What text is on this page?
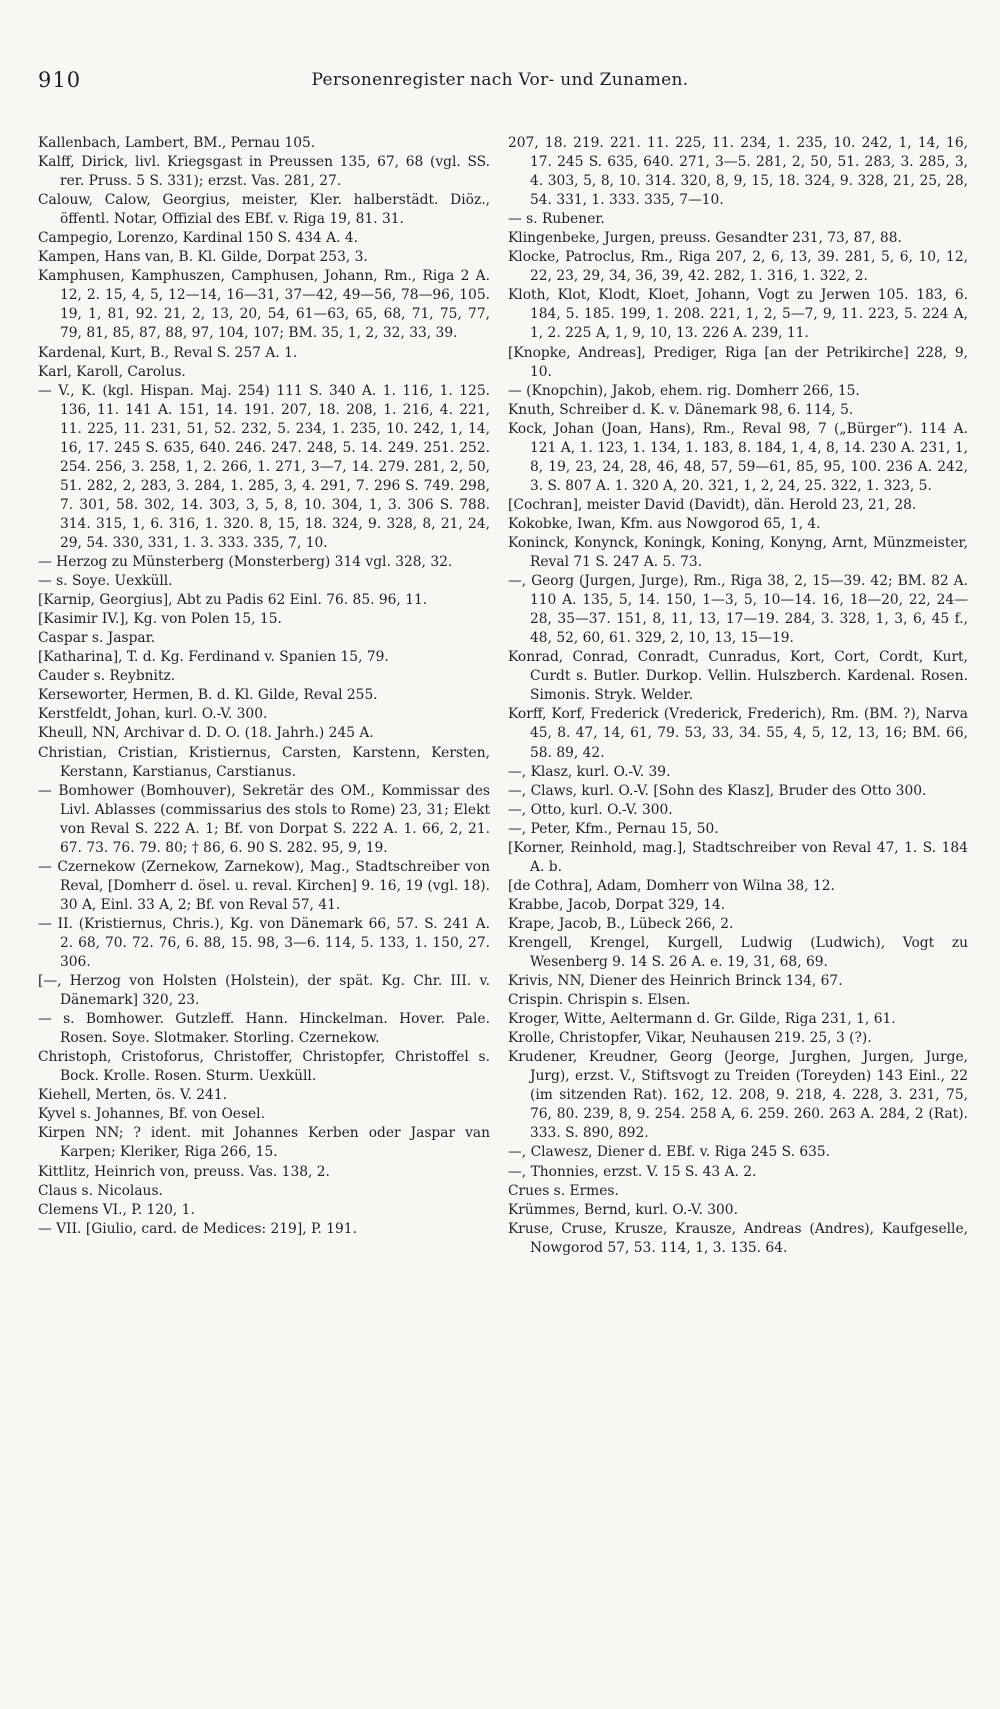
910	Personenregister nach Vor- und Zunamen.
Kallenbach, Lambert, BM., Pernau 105.
Kalff, Dirick, livl. Kriegsgast in Preussen 135, 67, 68 (vgl. SS. rer. Pruss. 5 S. 331); erzst. Vas. 281, 27.
Calouw, Calow, Georgius, meister, Kler. halberstädt. Diöz., öffentl. Notar, Offizial des EBf. v. Riga 19, 81. 31.
Campegio, Lorenzo, Kardinal 150 S. 434 A. 4.
Kampen, Hans van, B. Kl. Gilde, Dorpat 253, 3.
Kamphusen, Kamphuszen, Camphusen, Johann, Rm., Riga 2 A. 12, 2. 15, 4, 5, 12—14, 16—31, 37—42, 49—56, 78—96, 105. 19, 1, 81, 92. 21, 2, 13, 20, 54, 61—63, 65, 68, 71, 75, 77, 79, 81, 85, 87, 88, 97, 104, 107; BM. 35, 1, 2, 32, 33, 39.
Kardenal, Kurt, B., Reval S. 257 A. 1.
Karl, Karoll, Carolus.
— V., K. (kgl. Hispan. Maj. 254) 111 S. 340 A. 1. 116, 1. 125. 136, 11. 141 A. 151, 14. 191. 207, 18. 208, 1. 216, 4. 221, 11. 225, 11. 231, 51, 52. 232, 5. 234, 1. 235, 10. 242, 1, 14, 16, 17. 245 S. 635, 640. 246. 247. 248, 5. 14. 249. 251. 252. 254. 256, 3. 258, 1, 2. 266, 1. 271, 3—7, 14. 279. 281, 2, 50, 51. 282, 2, 283, 3. 284, 1. 285, 3, 4. 291, 7. 296 S. 749. 298, 7. 301, 58. 302, 14. 303, 3, 5, 8, 10. 304, 1, 3. 306 S. 788. 314. 315, 1, 6. 316, 1. 320. 8, 15, 18. 324, 9. 328, 8, 21, 24, 29, 54. 330, 331, 1. 3. 333. 335, 7, 10.
— Herzog zu Münsterberg (Monsterberg) 314 vgl. 328, 32.
— s. Soye. Uexküll.
[Karnip, Georgius], Abt zu Padis 62 Einl. 76. 85. 96, 11.
[Kasimir IV.], Kg. von Polen 15, 15.
Caspar s. Jaspar.
[Katharina], T. d. Kg. Ferdinand v. Spanien 15, 79.
Cauder s. Reybnitz.
Kerseworter, Hermen, B. d. Kl. Gilde, Reval 255.
Kerstfeldt, Johan, kurl. O.-V. 300.
Kheull, NN, Archivar d. D. O. (18. Jahrh.) 245 A.
Christian, Cristian, Kristiernus, Carsten, Karstenn, Kersten, Kerstann, Karstianus, Carstianus.
— Bomhower (Bomhouver), Sekretär des OM., Kommissar des Livl. Ablasses (commissarius des stols to Rome) 23, 31; Elekt von Reval S. 222 A. 1; Bf. von Dorpat S. 222 A. 1. 66, 2, 21. 67. 73. 76. 79. 80; † 86, 6. 90 S. 282. 95, 9, 19.
— Czernekow (Zernekow, Zarnekow), Mag., Stadtschreiber von Reval, [Domherr d. ösel. u. reval. Kirchen] 9. 16, 19 (vgl. 18). 30 A, Einl. 33 A, 2; Bf. von Reval 57, 41.
— II. (Kristiernus, Chris.), Kg. von Dänemark 66, 57. S. 241 A. 2. 68, 70. 72. 76, 6. 88, 15. 98, 3—6. 114, 5. 133, 1. 150, 27. 306.
[—, Herzog von Holsten (Holstein), der spät. Kg. Chr. III. v. Dänemark] 320, 23.
— s. Bomhower. Gutzleff. Hann. Hinckelman. Hover. Pale. Rosen. Soye. Slotmaker. Storling. Czernekow.
Christoph, Cristoforus, Christoffer, Christopfer, Christoffel s. Bock. Krolle. Rosen. Sturm. Uexküll.
Kiehell, Merten, ös. V. 241.
Kyvel s. Johannes, Bf. von Oesel.
Kirpen NN; ? ident. mit Johannes Kerben oder Jaspar van Karpen; Kleriker, Riga 266, 15.
Kittlitz, Heinrich von, preuss. Vas. 138, 2.
Claus s. Nicolaus.
Clemens VI., P. 120, 1.
— VII. [Giulio, card. de Medices: 219], P. 191.
207, 18. 219. 221. 11. 225, 11. 234, 1. 235, 10. 242, 1, 14, 16, 17. 245 S. 635, 640. 271, 3—5. 281, 2, 50, 51. 283, 3. 285, 3, 4. 303, 5, 8, 10. 314. 320, 8, 9, 15, 18. 324, 9. 328, 21, 25, 28, 54. 331, 1. 333. 335, 7—10.
— s. Rubener.
Klingenbeke, Jurgen, preuss. Gesandter 231, 73, 87, 88.
Klocke, Patroclus, Rm., Riga 207, 2, 6, 13, 39. 281, 5, 6, 10, 12, 22, 23, 29, 34, 36, 39, 42. 282, 1. 316, 1. 322, 2.
Kloth, Klot, Klodt, Kloet, Johann, Vogt zu Jerwen 105. 183, 6. 184, 5. 185. 199, 1. 208. 221, 1, 2, 5—7, 9, 11. 223, 5. 224 A, 1, 2. 225 A, 1, 9, 10, 13. 226 A. 239, 11.
[Knopke, Andreas], Prediger, Riga [an der Petrikirche] 228, 9, 10.
— (Knopchin), Jakob, ehem. rig. Domherr 266, 15.
Knuth, Schreiber d. K. v. Dänemark 98, 6. 114, 5.
Kock, Johan (Joan, Hans), Rm., Reval 98, 7 („Bürger“). 114 A. 121 A, 1. 123, 1. 134, 1. 183, 8. 184, 1, 4, 8, 14. 230 A. 231, 1, 8, 19, 23, 24, 28, 46, 48, 57, 59—61, 85, 95, 100. 236 A. 242, 3. S. 807 A. 1. 320 A, 20. 321, 1, 2, 24, 25. 322, 1. 323, 5.
[Cochran], meister David (Davidt), dän. Herold 23, 21, 28.
Kokobke, Iwan, Kfm. aus Nowgorod 65, 1, 4.
Koninck, Konynck, Koningk, Koning, Konyng, Arnt, Münzmeister, Reval 71 S. 247 A. 5. 73.
—, Georg (Jurgen, Jurge), Rm., Riga 38, 2, 15—39. 42; BM. 82 A. 110 A. 135, 5, 14. 150, 1—3, 5, 10—14. 16, 18—20, 22, 24—28, 35—37. 151, 8, 11, 13, 17—19. 284, 3. 328, 1, 3, 6, 45 f., 48, 52, 60, 61. 329, 2, 10, 13, 15—19.
Konrad, Conrad, Conradt, Cunradus, Kort, Cort, Cordt, Kurt, Curdt s. Butler. Durkop. Vellin. Hulszberch. Kardenal. Rosen. Simonis. Stryk. Welder.
Korff, Korf, Frederick (Vrederick, Frederich), Rm. (BM. ?), Narva 45, 8. 47, 14, 61, 79. 53, 33, 34. 55, 4, 5, 12, 13, 16; BM. 66, 58. 89, 42.
—, Klasz, kurl. O.-V. 39.
—, Claws, kurl. O.-V. [Sohn des Klasz], Bruder des Otto 300.
—, Otto, kurl. O.-V. 300.
—, Peter, Kfm., Pernau 15, 50.
[Korner, Reinhold, mag.], Stadtschreiber von Reval 47, 1. S. 184 A. b.
[de Cothra], Adam, Domherr von Wilna 38, 12.
Krabbe, Jacob, Dorpat 329, 14.
Krape, Jacob, B., Lübeck 266, 2.
Krengell, Krengel, Kurgell, Ludwig (Ludwich), Vogt zu Wesenberg 9. 14 S. 26 A. e. 19, 31, 68, 69.
Krivis, NN, Diener des Heinrich Brinck 134, 67.
Crispin. Chrispin s. Elsen.
Kroger, Witte, Aeltermann d. Gr. Gilde, Riga 231, 1, 61.
Krolle, Christopfer, Vikar, Neuhausen 219. 25, 3 (?).
Krudener, Kreudner, Georg (Jeorge, Jurghen, Jurgen, Jurge, Jurg), erzst. V., Stiftsvogt zu Treiden (Toreyden) 143 Einl., 22 (im sitzenden Rat). 162, 12. 208, 9. 218, 4. 228, 3. 231, 75, 76, 80. 239, 8, 9. 254. 258 A, 6. 259. 260. 263 A. 284, 2 (Rat). 333. S. 890, 892.
—, Clawesz, Diener d. EBf. v. Riga 245 S. 635.
—, Thonnies, erzst. V. 15 S. 43 A. 2.
Crues s. Ermes.
Krümmes, Bernd, kurl. O.-V. 300.
Kruse, Cruse, Krusze, Krausze, Andreas (Andres), Kaufgeselle, Nowgorod 57, 53. 114, 1, 3. 135. 64.
